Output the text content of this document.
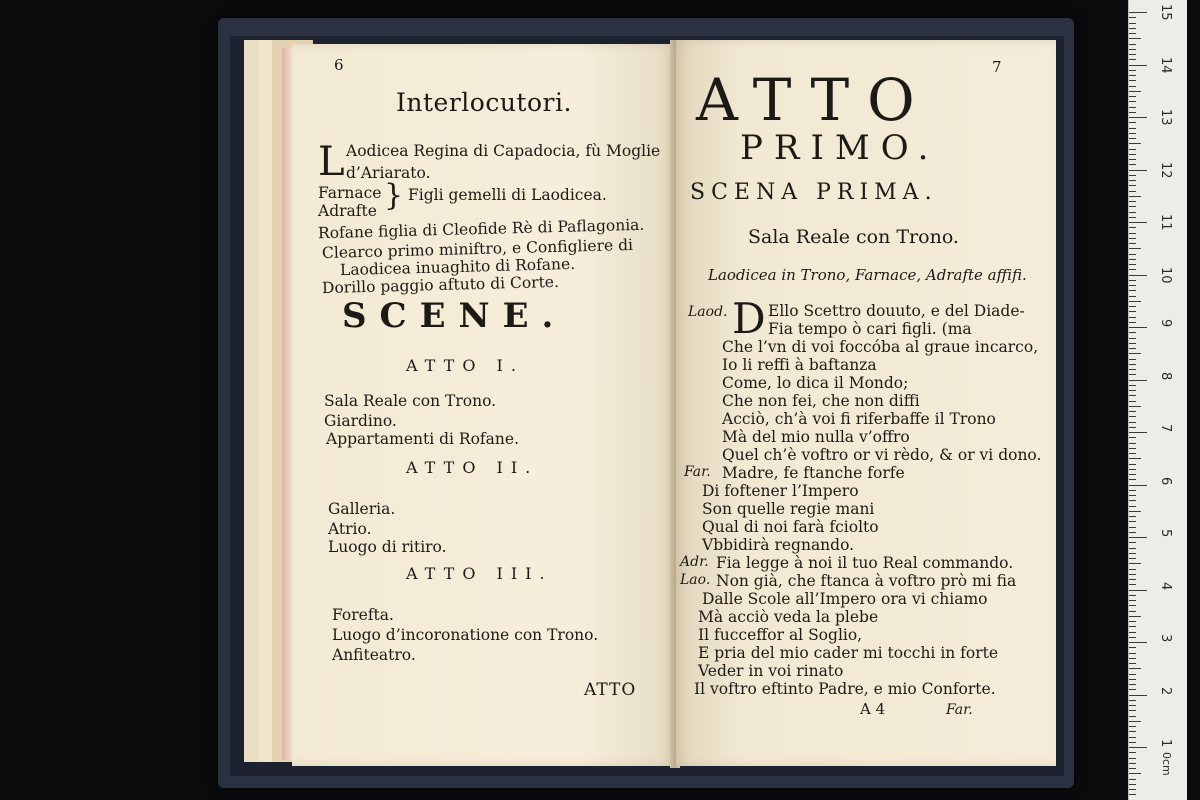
6
Interlocutori.
L Aodicea Regina di Capadocia, fù Moglie
d’Ariarato.
Farnace
Adrafte } Figli gemelli di Laodicea.
Rofane figlia di Cleofide Rè di Paflagonia.
Clearco primo miniftro, e Configliere di
Laodicea inuaghito di Rofane.
Dorillo paggio aftuto di Corte.
SCENE.
ATTO I.
Sala Reale con Trono.
Giardino.
Appartamenti di Rofane.
ATTO II.
Galleria.
Atrio.
Luogo di ritiro.
ATTO III.
Forefta.
Luogo d’incoronatione con Trono.
Anfiteatro.
ATTO
7
ATTO
PRIMO.
SCENA PRIMA.
Sala Reale con Trono.
Laodicea in Trono, Farnace, Adrafte affifi.
Laod. D Ello Scettro douuto, e del Diade-
Fia tempo ò cari figli. (ma
Che l’vn di voi foccóba al graue incarco,
Io li reffi à baftanza
Come, lo dica il Mondo;
Che non fei, che non diffi
Acciò, ch’à voi fi riferbaffe il Trono
Mà del mio nulla v’offro
Quel ch’è voftro or vi rèdo, & or vi dono.
Far. Madre, fe ftanche forfe
Di foftener l’Impero
Son quelle regie mani
Qual di noi farà fciolto
Vbbidirà regnando.
Adr. Fia legge à noi il tuo Real commando.
Lao. Non già, che ftanca à voftro prò mi fia
Dalle Scole all’Impero ora vi chiamo
Mà acciò veda la plebe
Il fucceffor al Soglio,
E pria del mio cader mi tocchi in forte
Veder in voi rinato
Il voftro eftinto Padre, e mio Conforte.
A 4	Far.
15
14
13
12
11
10
9
8
7
6
5
4
3
2
1
0cm
